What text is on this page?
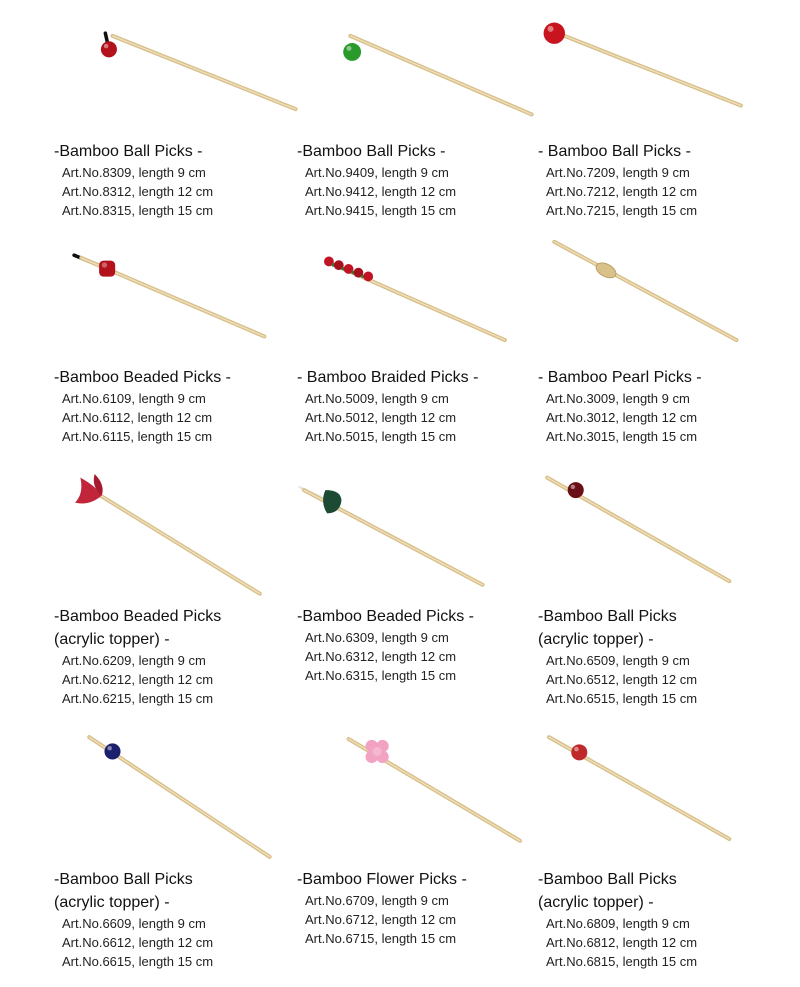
-Bamboo Ball Picks -
Art.No.8309, length 9 cm
Art.No.8312, length 12 cm
Art.No.8315, length 15 cm
-Bamboo Ball Picks -
Art.No.9409, length 9 cm
Art.No.9412, length 12 cm
Art.No.9415, length 15 cm
- Bamboo Ball Picks -
Art.No.7209, length 9 cm
Art.No.7212, length 12 cm
Art.No.7215, length 15 cm
-Bamboo Beaded Picks -
Art.No.6109, length 9 cm
Art.No.6112, length 12 cm
Art.No.6115, length 15 cm
- Bamboo Braided Picks -
Art.No.5009, length 9 cm
Art.No.5012, length 12 cm
Art.No.5015, length 15 cm
- Bamboo Pearl Picks -
Art.No.3009, length 9 cm
Art.No.3012, length 12 cm
Art.No.3015, length 15 cm
-Bamboo Beaded Picks
(acrylic topper) -
Art.No.6209, length 9 cm
Art.No.6212, length 12 cm
Art.No.6215, length 15 cm
-Bamboo Beaded Picks -
Art.No.6309, length 9 cm
Art.No.6312, length 12 cm
Art.No.6315, length 15 cm
-Bamboo Ball Picks
(acrylic topper) -
Art.No.6509, length 9 cm
Art.No.6512, length 12 cm
Art.No.6515, length 15 cm
-Bamboo Ball Picks
(acrylic topper) -
Art.No.6609, length 9 cm
Art.No.6612, length 12 cm
Art.No.6615, length 15 cm
-Bamboo Flower Picks -
Art.No.6709, length 9 cm
Art.No.6712, length 12 cm
Art.No.6715, length 15 cm
-Bamboo Ball Picks
(acrylic topper) -
Art.No.6809, length 9 cm
Art.No.6812, length 12 cm
Art.No.6815, length 15 cm
